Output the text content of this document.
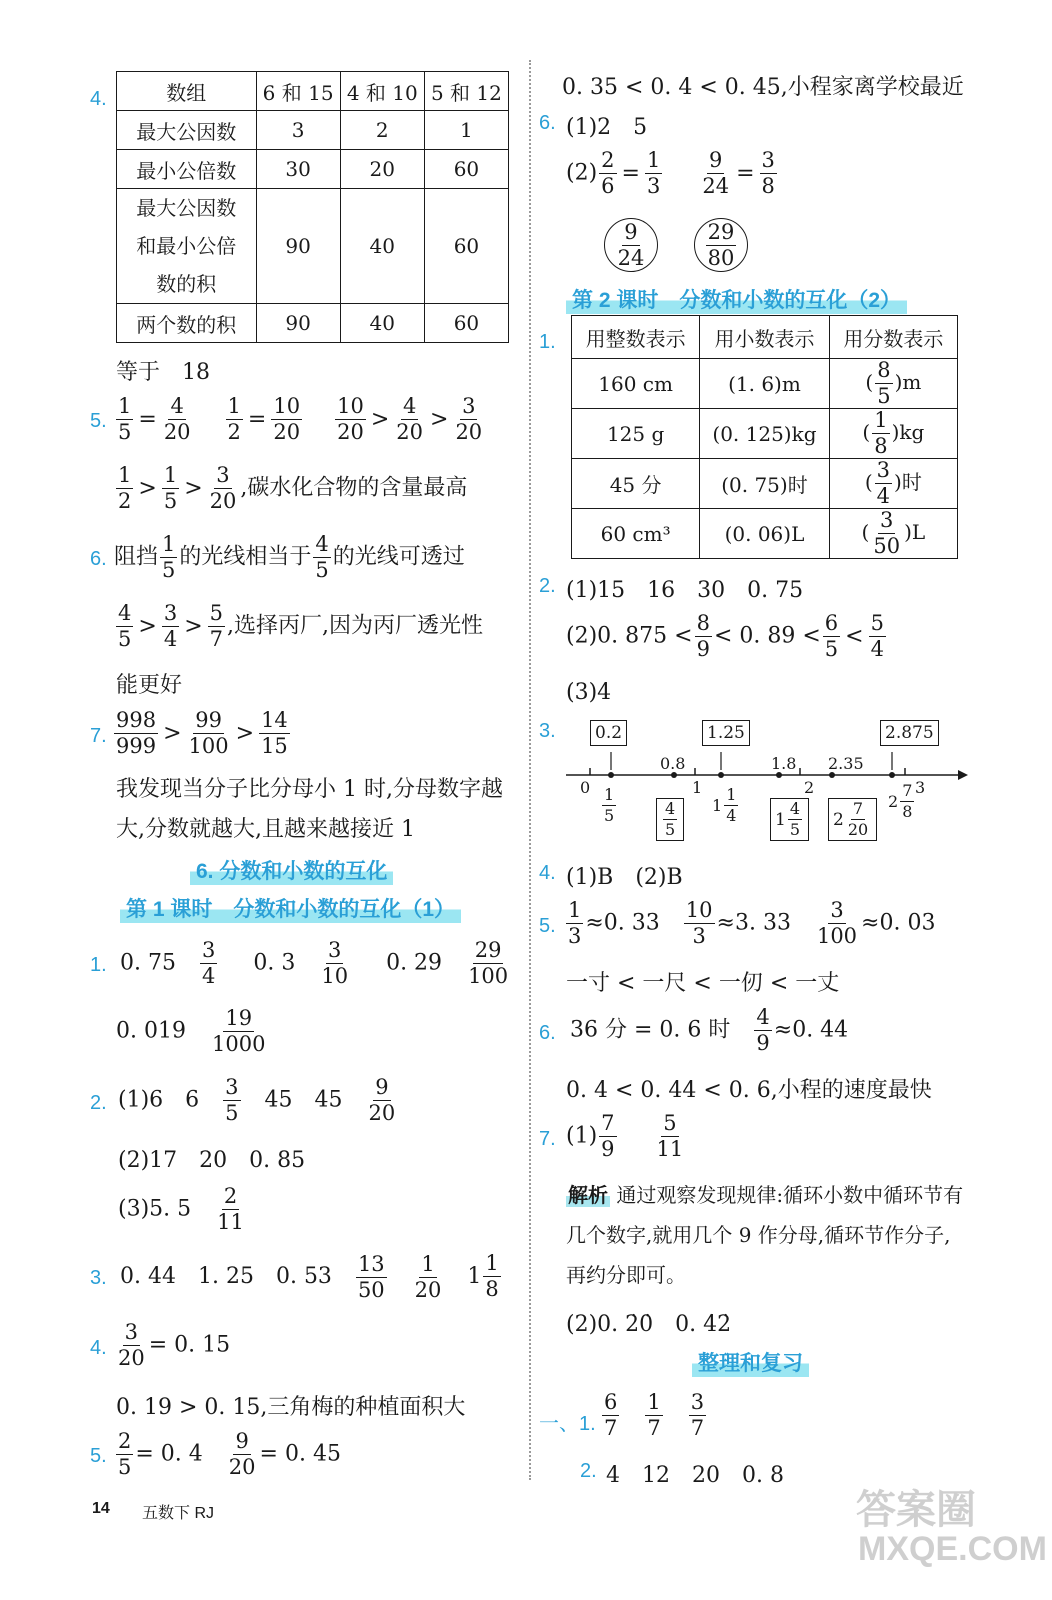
4.	数组	6 和 15	4 和 10	5 和 12
最大公因数	3	2	1
最小公倍数	30	20	60
最大公因数和最小公倍数的积	90	40	60
两个数的积	90	40	60
等于　18
5. $\frac{1}{5} = \frac{4}{20}$
$\frac{1}{2} = \frac{10}{20}$
$\frac{10}{20} > \frac{4}{20} > \frac{3}{20}$
$\frac{1}{2} > \frac{1}{5} > \frac{3}{20}$ ,碳水化合物的含量最高
6. 阻挡 $\frac{1}{5}$ 的光线相当于 $\frac{4}{5}$ 的光线可透过
$\frac{4}{5} > \frac{3}{4} > \frac{5}{7}$ ,选择丙厂,因为丙厂透光性
能更好
7. $\frac{998}{999} > \frac{99}{100} > \frac{14}{15}$
我发现当分子比分母小 1 时,分母数字越大,分数就越大,且越来越接近 1
6. 分数和小数的互化
第 1 课时　分数和小数的互化（1）
1. 0. $75 \frac{3}{4} 0$. $3 \frac{3}{10} 0$. $29 \frac{29}{100}$
0. $019 \frac{19}{1000}$
2. (1)6　$6 \frac{3}{5} 45$　$45 \frac{9}{20}$
(2)17　20　0. 85
(3)5. $5 \frac{2}{11}$
3. 0. 44　1. 25　0. $53 \frac{13}{50} \frac{1}{20} 1 \frac{1}{8}$
4. $\frac{3}{20} = 0$. 15
0. 19 > 0. 15,三角梅的种植面积大
5. $\frac{2}{5} = 0$. $4 \frac{9}{20} = 0$. 45
0. 35 < 0. 4 < 0. 45,小程家离学校最近
6. (1)2　5
$(2) \frac{2}{6} = \frac{1}{3} \frac{9}{24} = \frac{3}{8}$
$\frac{9}{24}$
	$\frac{29}{80}$
第 2 课时　分数和小数的互化（2）
1. 用整数表示	用小数表示	用分数表示
160 cm	(1. 6)m	( $\frac{8}{5} )m$
125 g	(0. 125)kg	( $\frac{1}{8} )kg$
45 分	(0. 75)时	( $\frac{3}{4}$ )时
60 cm³	(0. 06)L	( $\frac{3}{50} )L$
2. (1)15　16　30　0. 75
(2)0. $875 < \frac{8}{9} < 0$. $89 < \frac{6}{5} < \frac{5}{4}$
(3)4
3. 0.2	1.25	2.875
0.8	1.8 2.35
0	1	2	3
$\frac{1}{5}$	$1 \frac{1}{4}$	$2 \frac{7}{8}$
$\frac{4}{5}$	$1 \frac{4}{5} 2 \frac{7}{20}$
4. (1)B　(2)B
5. $\frac{1}{3} \approx 0$. $33 \frac{10}{3} \approx 3$. $33 \frac{3}{100} \approx 0$. 03
一寸 < 一尺 < 一仞 < 一丈
6. 36 分 = 0. 6 时 $\frac{4}{9} \approx 0$. 44
0. 4 < 0. 44 < 0. 6,小程的速度最快
7. $(1) \frac{7}{9} \frac{5}{11}$
解析 通过观察发现规律:循环小数中循环节有几个数字,就用几个 9 作分母,循环节作分子,再约分即可。
(2)0. 2̇0̇　0. 4̇2̇
整理和复习
一、1. $\frac{6}{7} \frac{1}{7} \frac{3}{7}$
2. 4　12　20　0. 8
14 五数下 RJ	答案圈
MXQE.COM
